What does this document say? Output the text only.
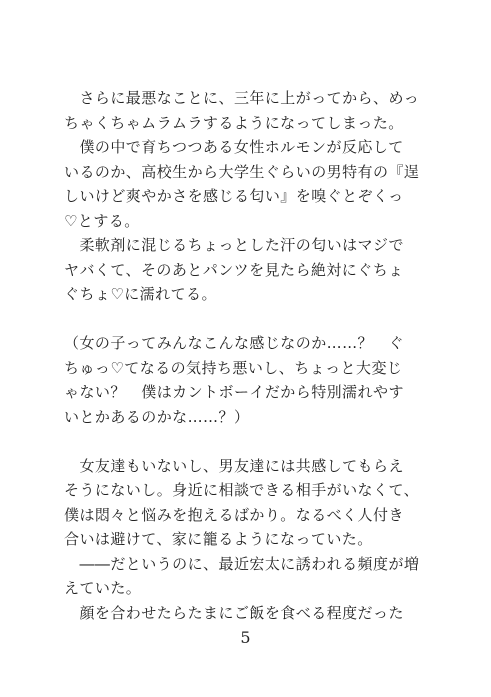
　さらに最悪なことに、三年に上がってから、めっ
ちゃくちゃムラムラするようになってしまった。
　僕の中で育ちつつある女性ホルモンが反応して
いるのか、高校生から大学生ぐらいの男特有の『逞
しいけど爽やかさを感じる匂い』を嗅ぐとぞくっ
♡とする。
　柔軟剤に混じるちょっとした汗の匂いはマジで
ヤバくて、そのあとパンツを見たら絶対にぐちょ
ぐちょ♡に濡れてる。
（女の子ってみんなこんな感じなのか……？　ぐ
ちゅっ♡てなるの気持ち悪いし、ちょっと大変じ
ゃない？　僕はカントボーイだから特別濡れやす
いとかあるのかな……？）
　女友達もいないし、男友達には共感してもらえ
そうにないし。身近に相談できる相手がいなくて、
僕は悶々と悩みを抱えるばかり。なるべく人付き
合いは避けて、家に籠るようになっていた。
　――だというのに、最近宏太に誘われる頻度が増
えていた。
　顔を合わせたらたまにご飯を食べる程度だった
5
